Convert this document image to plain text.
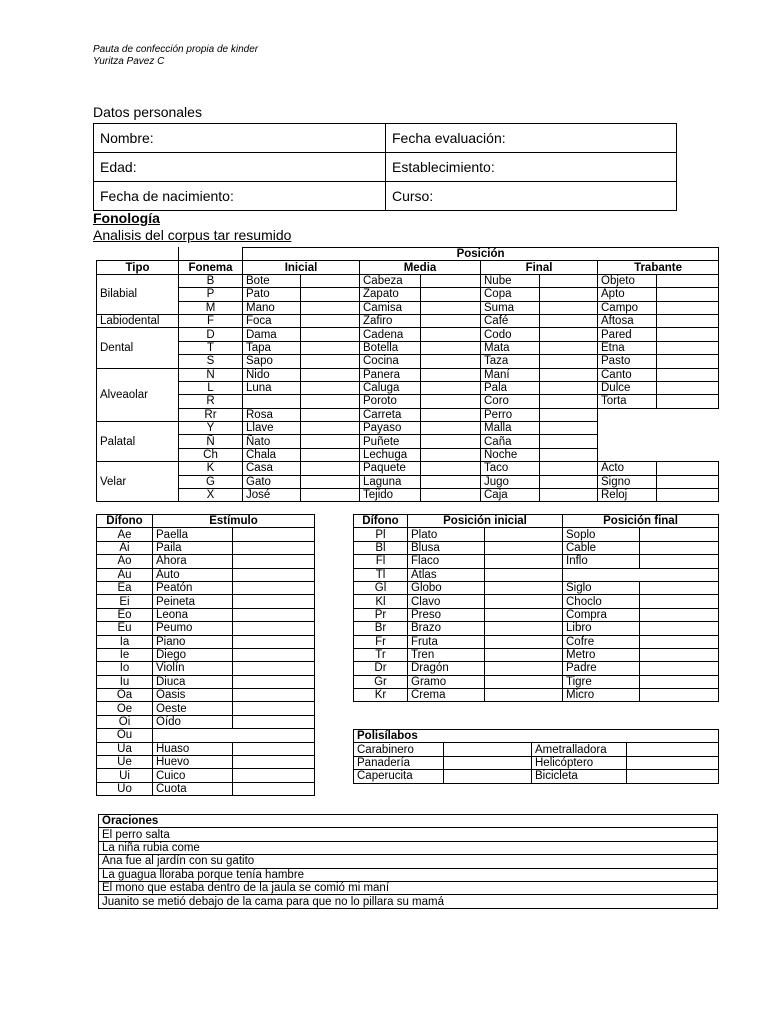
Pauta de confección propia de kinder
Yuritza Pavez C
Datos personales
Nombre:	Fecha evaluación:
Edad:	Establecimiento:
Fecha de nacimiento:	Curso:
Fonología
Analisis del corpus tar resumido
		Posición							
Tipo	Fonema	Inicial		Media		Final		Trabante	
Bilabial	B	Bote		Cabeza		Nube		Objeto	
	P	Pato		Zapato		Copa		Apto	
	M	Mano		Camisa		Suma		Campo	
Labiodental	F	Foca		Zafiro		Café		Aftosa	
Dental	D	Dama		Cadena		Codo		Pared	
	T	Tapa		Botella		Mata		Etna	
	S	Sapo		Cocina		Taza		Pasto	
Alveaolar	N	Nido		Panera		Maní		Canto	
	L	Luna		Caluga		Pala		Dulce	
	R			Poroto		Coro		Torta	
	Rr	Rosa		Carreta		Perro			
Palatal	Y	Llave		Payaso		Malla			
	Ñ	Ñato		Puñete		Caña			
	Ch	Chala		Lechuga		Noche			
Velar	K	Casa		Paquete		Taco		Acto	
	G	Gato		Laguna		Jugo		Signo	
	X	José		Tejido		Caja		Reloj	
Dífono	Estímulo	
Ae	Paella	
Ai	Paila	
Ao	Ahora	
Au	Auto	
Ea	Peatón	
Ei	Peineta	
Eo	Leona	
Eu	Peumo	
Ia	Piano	
Ie	Diego	
Io	Violín	
Iu	Diuca	
Oa	Oasis	
Oe	Oeste	
Oi	Oído	
Ou		
Ua	Huaso	
Ue	Huevo	
Ui	Cuico	
Uo	Cuota	
Dífono	Posición inicial		Posición final	
Pl	Plato		Soplo	
Bl	Blusa		Cable	
Fl	Flaco		Inflo	
Tl	Atlas			
Gl	Globo		Siglo	
Kl	Clavo		Choclo	
Pr	Preso		Compra	
Br	Brazo		Libro	
Fr	Fruta		Cofre	
Tr	Tren		Metro	
Dr	Dragón		Padre	
Gr	Gramo		Tigre	
Kr	Crema		Micro	
Polisílabos			
Carabinero		Ametralladora	
Panadería		Helicóptero	
Caperucita		Bicicleta	
Oraciones
El perro salta
La niña rubia come
Ana fue al jardín con su gatito
La guagua lloraba porque tenía hambre
El mono que estaba dentro de la jaula se comió mi maní
Juanito se metió debajo de la cama para que no lo pillara su mamá
